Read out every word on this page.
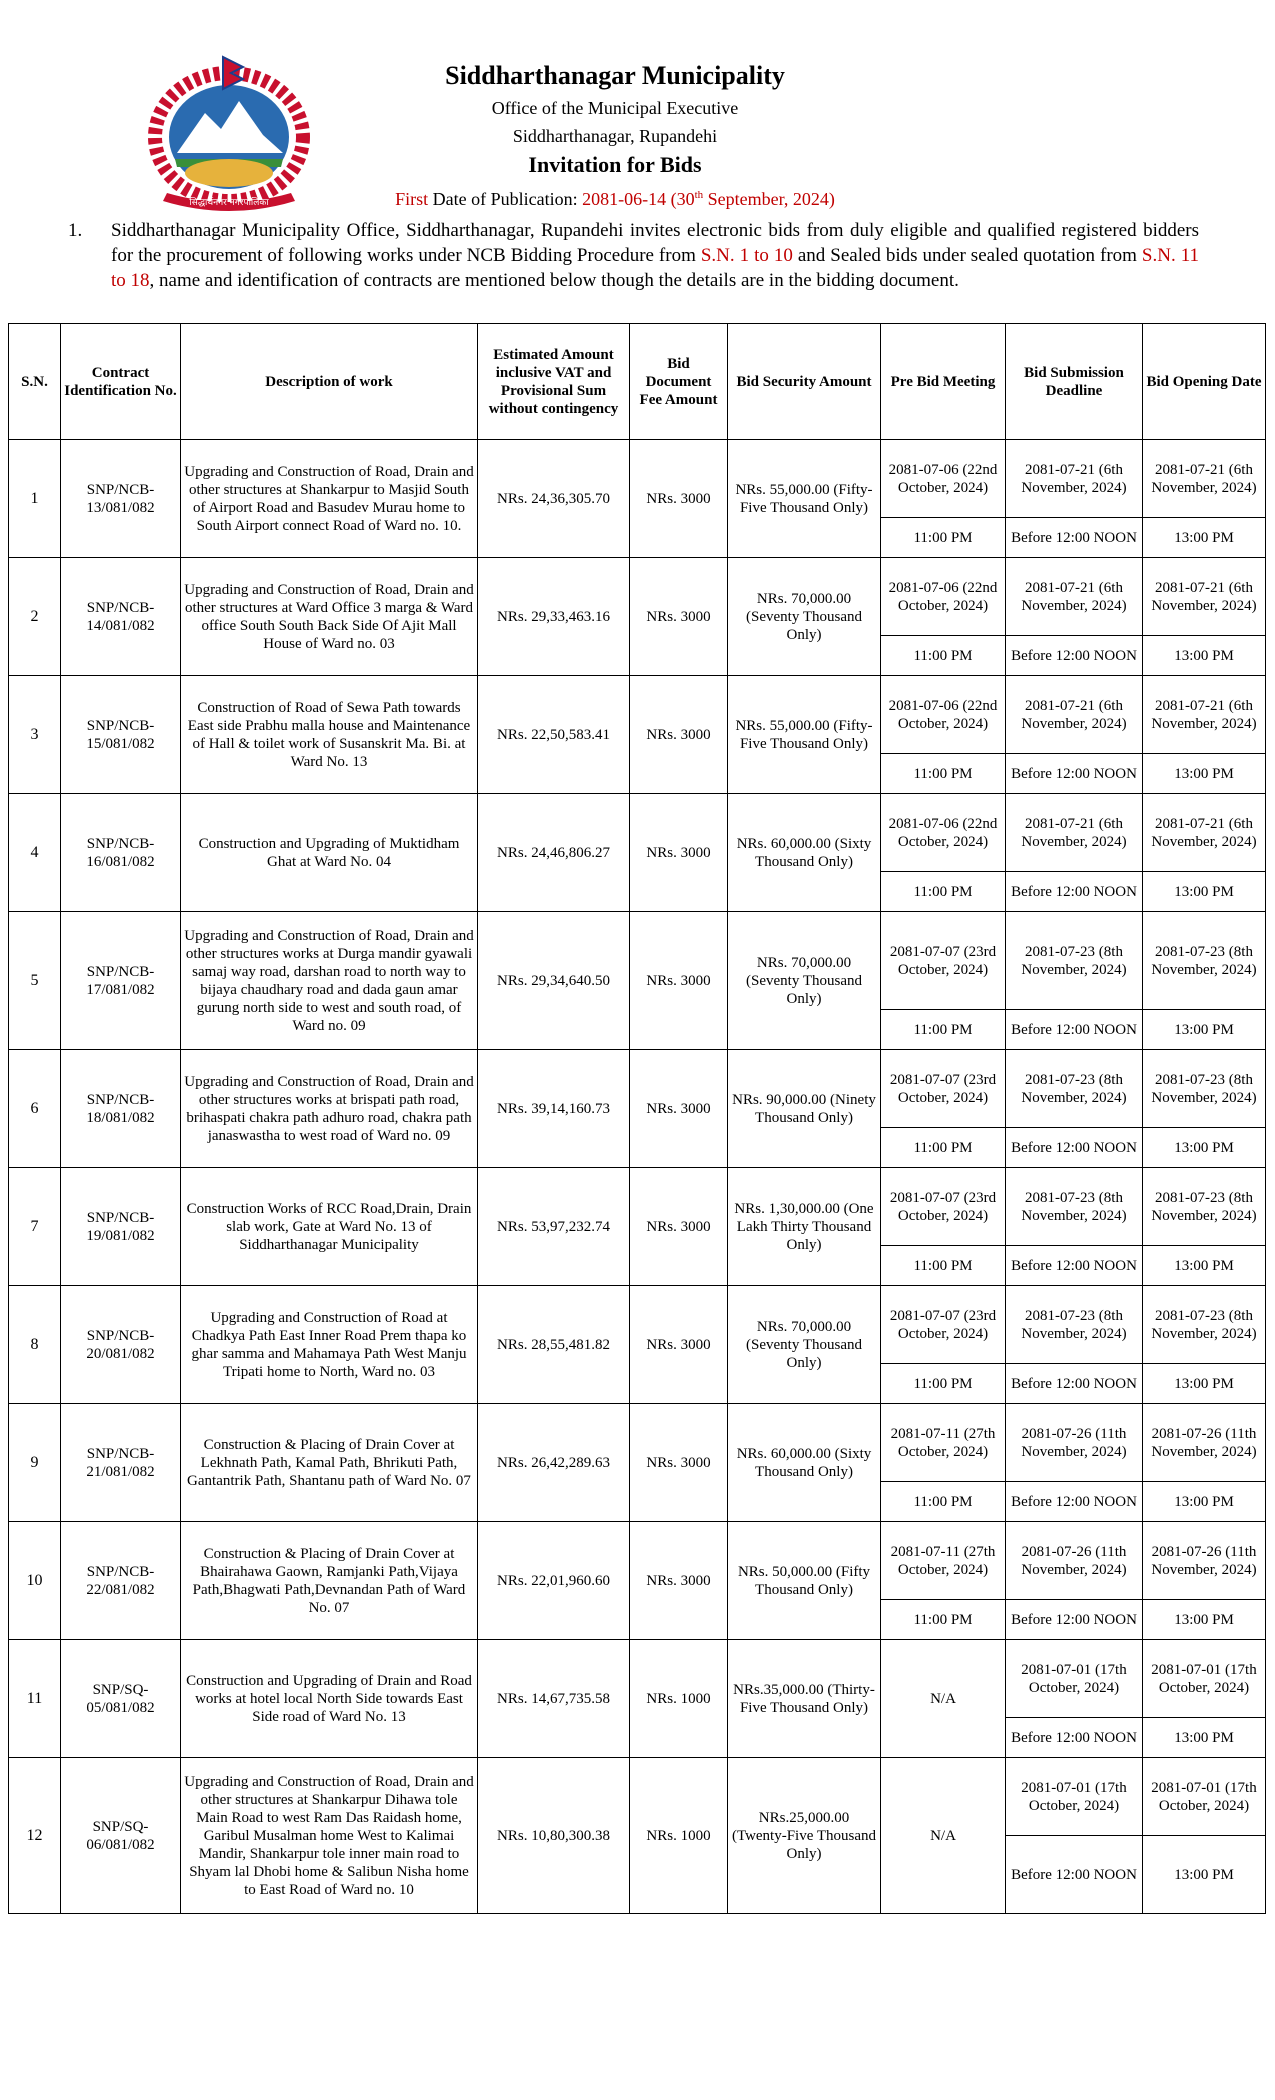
सिद्धार्थनगर नगरपालिका
Siddharthanagar Municipality
Office of the Municipal Executive
Siddharthanagar, Rupandehi
Invitation for Bids
First Date of Publication: 2081-06-14 (30th September, 2024)
1. Siddharthanagar Municipality Office, Siddharthanagar, Rupandehi invites electronic bids from duly eligible and qualified registered bidders for the procurement of following works under NCB Bidding Procedure from S.N. 1 to 10 and Sealed bids under sealed quotation from S.N. 11 to 18, name and identification of contracts are mentioned below though the details are in the bidding document.
S.N.	Contract Identification No.	Description of work	Estimated Amount inclusive VAT and Provisional Sum without contingency	Bid Document Fee Amount	Bid Security Amount	Pre Bid Meeting	Bid Submission Deadline	Bid Opening Date
1	SNP/NCB-13/081/082	Upgrading and Construction of Road, Drain and other structures at Shankarpur to Masjid South of Airport Road and Basudev Murau home to South Airport connect Road of Ward no. 10.	NRs. 24,36,305.70	NRs. 3000	NRs. 55,000.00 (Fifty-Five Thousand Only)	2081-07-06 (22nd October, 2024)	2081-07-21 (6th November, 2024)	2081-07-21 (6th November, 2024)
						11:00 PM	Before 12:00 NOON	13:00 PM
2	SNP/NCB-14/081/082	Upgrading and Construction of Road, Drain and other structures at Ward Office 3 marga & Ward office South South Back Side Of Ajit Mall House of Ward no. 03	NRs. 29,33,463.16	NRs. 3000	NRs. 70,000.00 (Seventy Thousand Only)	2081-07-06 (22nd October, 2024)	2081-07-21 (6th November, 2024)	2081-07-21 (6th November, 2024)
						11:00 PM	Before 12:00 NOON	13:00 PM
3	SNP/NCB-15/081/082	Construction of Road of Sewa Path towards East side Prabhu malla house and Maintenance of Hall & toilet work of Susanskrit Ma. Bi. at Ward No. 13	NRs. 22,50,583.41	NRs. 3000	NRs. 55,000.00 (Fifty-Five Thousand Only)	2081-07-06 (22nd October, 2024)	2081-07-21 (6th November, 2024)	2081-07-21 (6th November, 2024)
						11:00 PM	Before 12:00 NOON	13:00 PM
4	SNP/NCB-16/081/082	Construction and Upgrading of Muktidham Ghat at Ward No. 04	NRs. 24,46,806.27	NRs. 3000	NRs. 60,000.00 (Sixty Thousand Only)	2081-07-06 (22nd October, 2024)	2081-07-21 (6th November, 2024)	2081-07-21 (6th November, 2024)
						11:00 PM	Before 12:00 NOON	13:00 PM
5	SNP/NCB-17/081/082	Upgrading and Construction of Road, Drain and other structures works at Durga mandir gyawali samaj way road, darshan road to north way to bijaya chaudhary road and dada gaun amar gurung north side to west and south road, of Ward no. 09	NRs. 29,34,640.50	NRs. 3000	NRs. 70,000.00 (Seventy Thousand Only)	2081-07-07 (23rd October, 2024)	2081-07-23 (8th November, 2024)	2081-07-23 (8th November, 2024)
						11:00 PM	Before 12:00 NOON	13:00 PM
6	SNP/NCB-18/081/082	Upgrading and Construction of Road, Drain and other structures works at brispati path road, brihaspati chakra path adhuro road, chakra path janaswastha to west road of Ward no. 09	NRs. 39,14,160.73	NRs. 3000	NRs. 90,000.00 (Ninety Thousand Only)	2081-07-07 (23rd October, 2024)	2081-07-23 (8th November, 2024)	2081-07-23 (8th November, 2024)
						11:00 PM	Before 12:00 NOON	13:00 PM
7	SNP/NCB-19/081/082	Construction Works of RCC Road,Drain, Drain slab work, Gate at Ward No. 13 of Siddharthanagar Municipality	NRs. 53,97,232.74	NRs. 3000	NRs. 1,30,000.00 (One Lakh Thirty Thousand Only)	2081-07-07 (23rd October, 2024)	2081-07-23 (8th November, 2024)	2081-07-23 (8th November, 2024)
						11:00 PM	Before 12:00 NOON	13:00 PM
8	SNP/NCB-20/081/082	Upgrading and Construction of Road at Chadkya Path East Inner Road Prem thapa ko ghar samma and Mahamaya Path West Manju Tripati home to North, Ward no. 03	NRs. 28,55,481.82	NRs. 3000	NRs. 70,000.00 (Seventy Thousand Only)	2081-07-07 (23rd October, 2024)	2081-07-23 (8th November, 2024)	2081-07-23 (8th November, 2024)
						11:00 PM	Before 12:00 NOON	13:00 PM
9	SNP/NCB-21/081/082	Construction & Placing of Drain Cover at Lekhnath Path, Kamal Path, Bhrikuti Path, Gantantrik Path, Shantanu path of Ward No. 07	NRs. 26,42,289.63	NRs. 3000	NRs. 60,000.00 (Sixty Thousand Only)	2081-07-11 (27th October, 2024)	2081-07-26 (11th November, 2024)	2081-07-26 (11th November, 2024)
						11:00 PM	Before 12:00 NOON	13:00 PM
10	SNP/NCB-22/081/082	Construction & Placing of Drain Cover at Bhairahawa Gaown, Ramjanki Path,Vijaya Path,Bhagwati Path,Devnandan Path of Ward No. 07	NRs. 22,01,960.60	NRs. 3000	NRs. 50,000.00 (Fifty Thousand Only)	2081-07-11 (27th October, 2024)	2081-07-26 (11th November, 2024)	2081-07-26 (11th November, 2024)
						11:00 PM	Before 12:00 NOON	13:00 PM
11	SNP/SQ-05/081/082	Construction and Upgrading of Drain and Road works at hotel local North Side towards East Side road of Ward No. 13	NRs. 14,67,735.58	NRs. 1000	NRs.35,000.00 (Thirty-Five Thousand Only)	N/A	2081-07-01 (17th October, 2024)	2081-07-01 (17th October, 2024)
							Before 12:00 NOON	13:00 PM
12	SNP/SQ-06/081/082	Upgrading and Construction of Road, Drain and other structures at Shankarpur Dihawa tole Main Road to west Ram Das Raidash home, Garibul Musalman home West to Kalimai Mandir, Shankarpur tole inner main road to Shyam lal Dhobi home & Salibun Nisha home to East Road of Ward no. 10	NRs. 10,80,300.38	NRs. 1000	NRs.25,000.00 (Twenty-Five Thousand Only)	N/A	2081-07-01 (17th October, 2024)	2081-07-01 (17th October, 2024)
							Before 12:00 NOON	13:00 PM
